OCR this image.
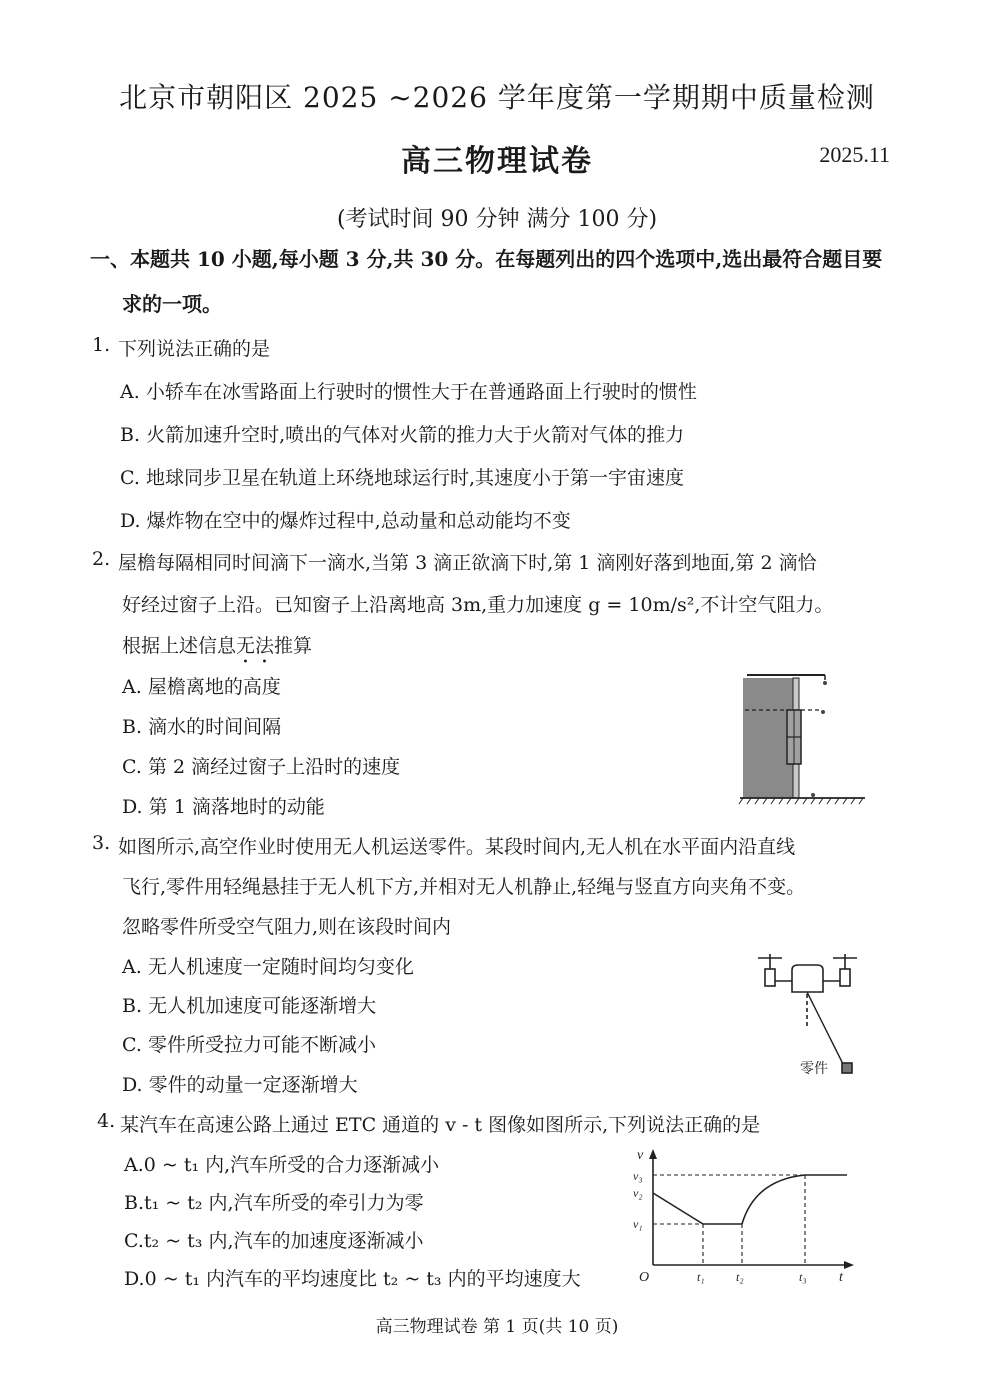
北京市朝阳区 2025 ~2026 学年度第一学期期中质量检测
高三物理试卷	2025.11
(考试时间 90 分钟 满分 100 分)
一、本题共 10 小题,每小题 3 分,共 30 分。在每题列出的四个选项中,选出最符合题目要
求的一项。
1. 下列说法正确的是
A. 小轿车在冰雪路面上行驶时的惯性大于在普通路面上行驶时的惯性
B. 火箭加速升空时,喷出的气体对火箭的推力大于火箭对气体的推力
C. 地球同步卫星在轨道上环绕地球运行时,其速度小于第一宇宙速度
D. 爆炸物在空中的爆炸过程中,总动量和总动能均不变
2. 屋檐每隔相同时间滴下一滴水,当第 3 滴正欲滴下时,第 1 滴刚好落到地面,第 2 滴恰
好经过窗子上沿。已知窗子上沿离地高 3m,重力加速度 g = 10m/s²,不计空气阻力。
根据上述信息无法推算
A. 屋檐离地的高度
B. 滴水的时间间隔
C. 第 2 滴经过窗子上沿时的速度
D. 第 1 滴落地时的动能
3. 如图所示,高空作业时使用无人机运送零件。某段时间内,无人机在水平面内沿直线
飞行,零件用轻绳悬挂于无人机下方,并相对无人机静止,轻绳与竖直方向夹角不变。
忽略零件所受空气阻力,则在该段时间内
A. 无人机速度一定随时间均匀变化
B. 无人机加速度可能逐渐增大
C. 零件所受拉力可能不断减小
D. 零件的动量一定逐渐增大
零件
4. 某汽车在高速公路上通过 ETC 通道的 v - t 图像如图所示,下列说法正确的是
A.0 ~ t₁ 内,汽车所受的合力逐渐减小
B.t₁ ~ t₂ 内,汽车所受的牵引力为零
C.t₂ ~ t₃ 内,汽车的加速度逐渐减小
D.0 ~ t₁ 内汽车的平均速度比 t₂ ~ t₃ 内的平均速度大
v
v₃
v₂
v₁
O	t₁	t₂	t₃ t
高三物理试卷 第 1 页(共 10 页)
